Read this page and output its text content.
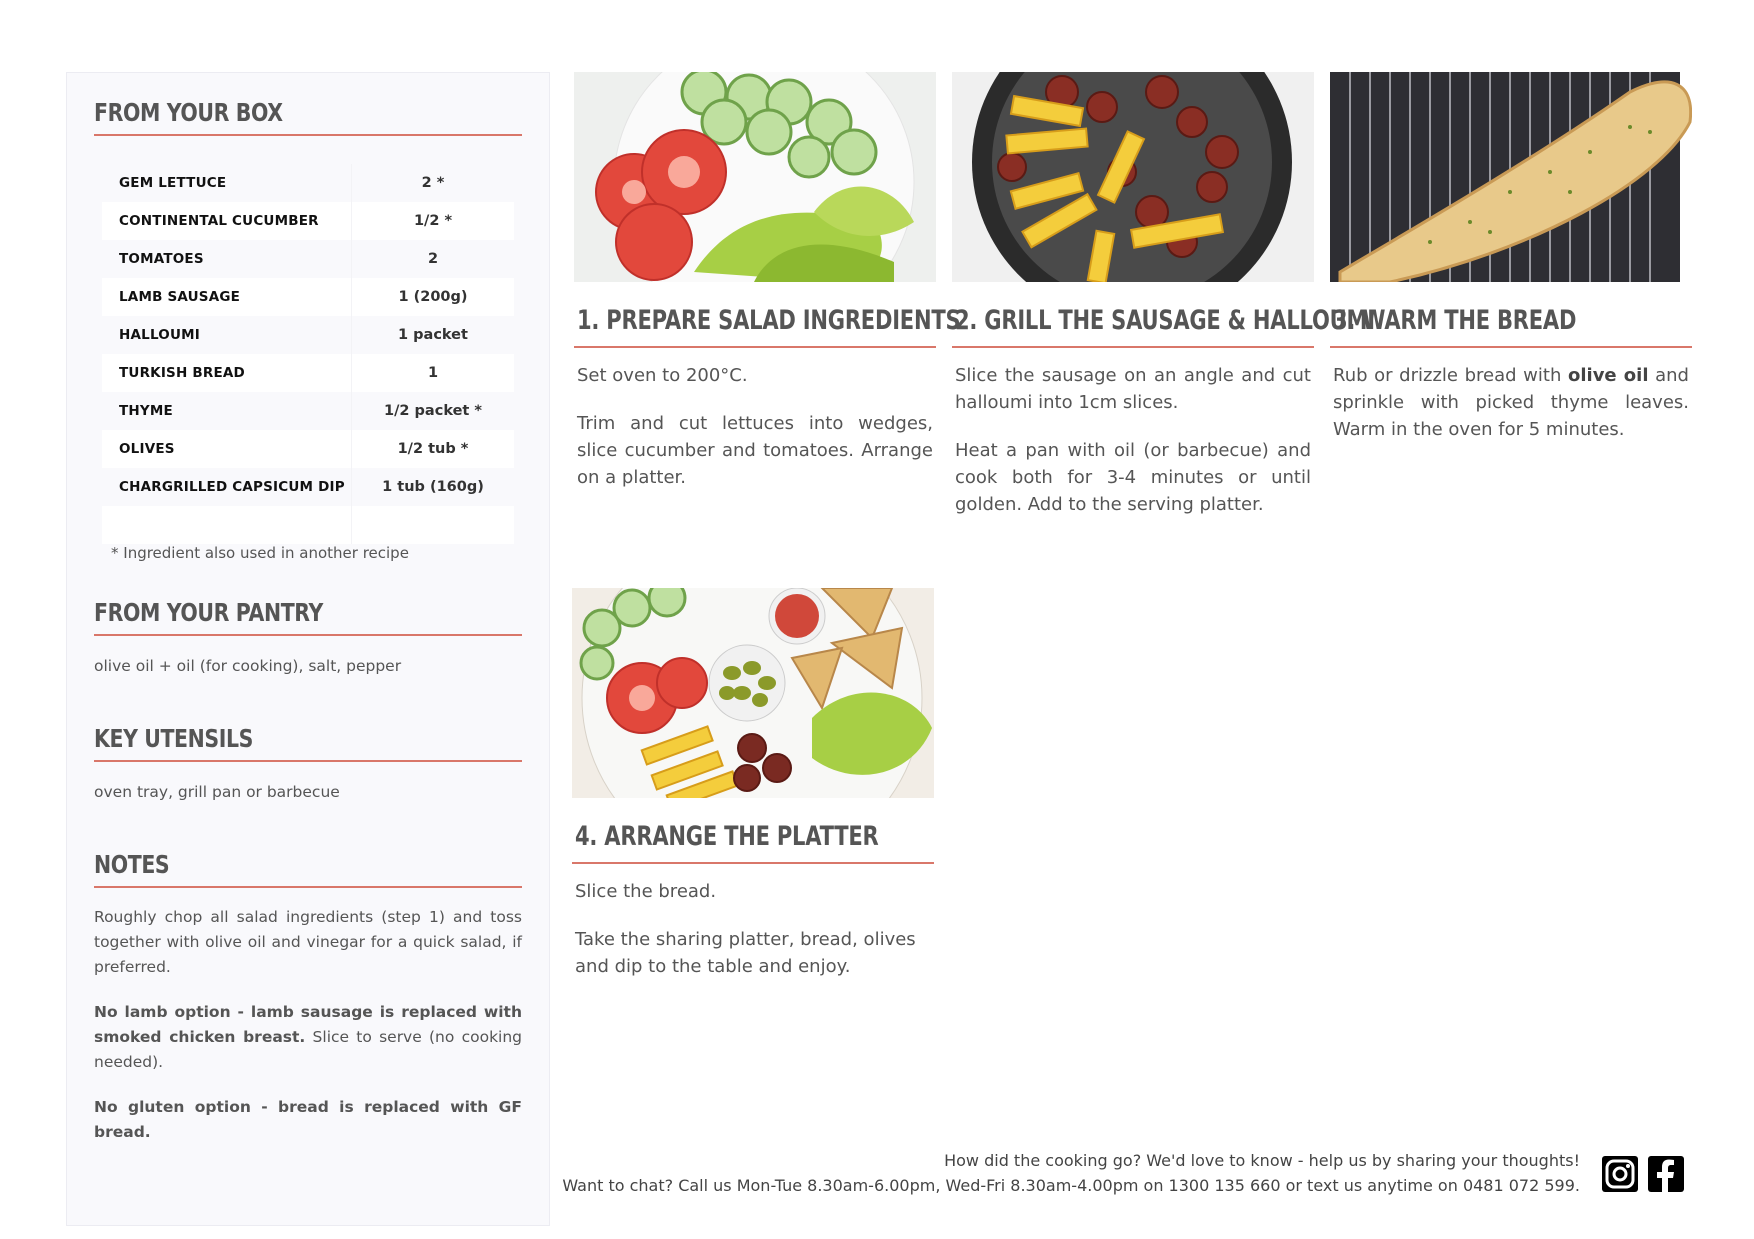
FROM YOUR BOX
GEM LETTUCE	2 *
CONTINENTAL CUCUMBER	1/2 *
TOMATOES	2
LAMB SAUSAGE	1 (200g)
HALLOUMI	1 packet
TURKISH BREAD	1
THYME	1/2 packet *
OLIVES	1/2 tub *
CHARGRILLED CAPSICUM DIP	1 tub (160g)

* Ingredient also used in another recipe
FROM YOUR PANTRY
olive oil + oil (for cooking), salt, pepper
KEY UTENSILS
oven tray, grill pan or barbecue
NOTES

Roughly chop all salad ingredients (step 1) and toss together with olive oil and vinegar for a quick salad, if preferred.

No lamb option - lamb sausage is replaced with smoked chicken breast. Slice to serve (no cooking needed).

No gluten option - bread is replaced with GF bread.

1. PREPARE SALAD INGREDIENTS

Set oven to 200°C.

Trim and cut lettuces into wedges, slice cucumber and tomatoes. Arrange on a platter.

2. GRILL THE SAUSAGE & HALLOUMI

Slice the sausage on an angle and cut halloumi into 1cm slices.

Heat a pan with oil (or barbecue) and cook both for 3-4 minutes or until golden. Add to the serving platter.

3. WARM THE BREAD

Rub or drizzle bread with olive oil and sprinkle with picked thyme leaves. Warm in the oven for 5 minutes.

4. ARRANGE THE PLATTER

Slice the bread.

Take the sharing platter, bread, olives and dip to the table and enjoy.

How did the cooking go? We'd love to know - help us by sharing your thoughts!
Want to chat? Call us Mon-Tue 8.30am-6.00pm, Wed-Fri 8.30am-4.00pm on 1300 135 660 or text us anytime on 0481 072 599.
